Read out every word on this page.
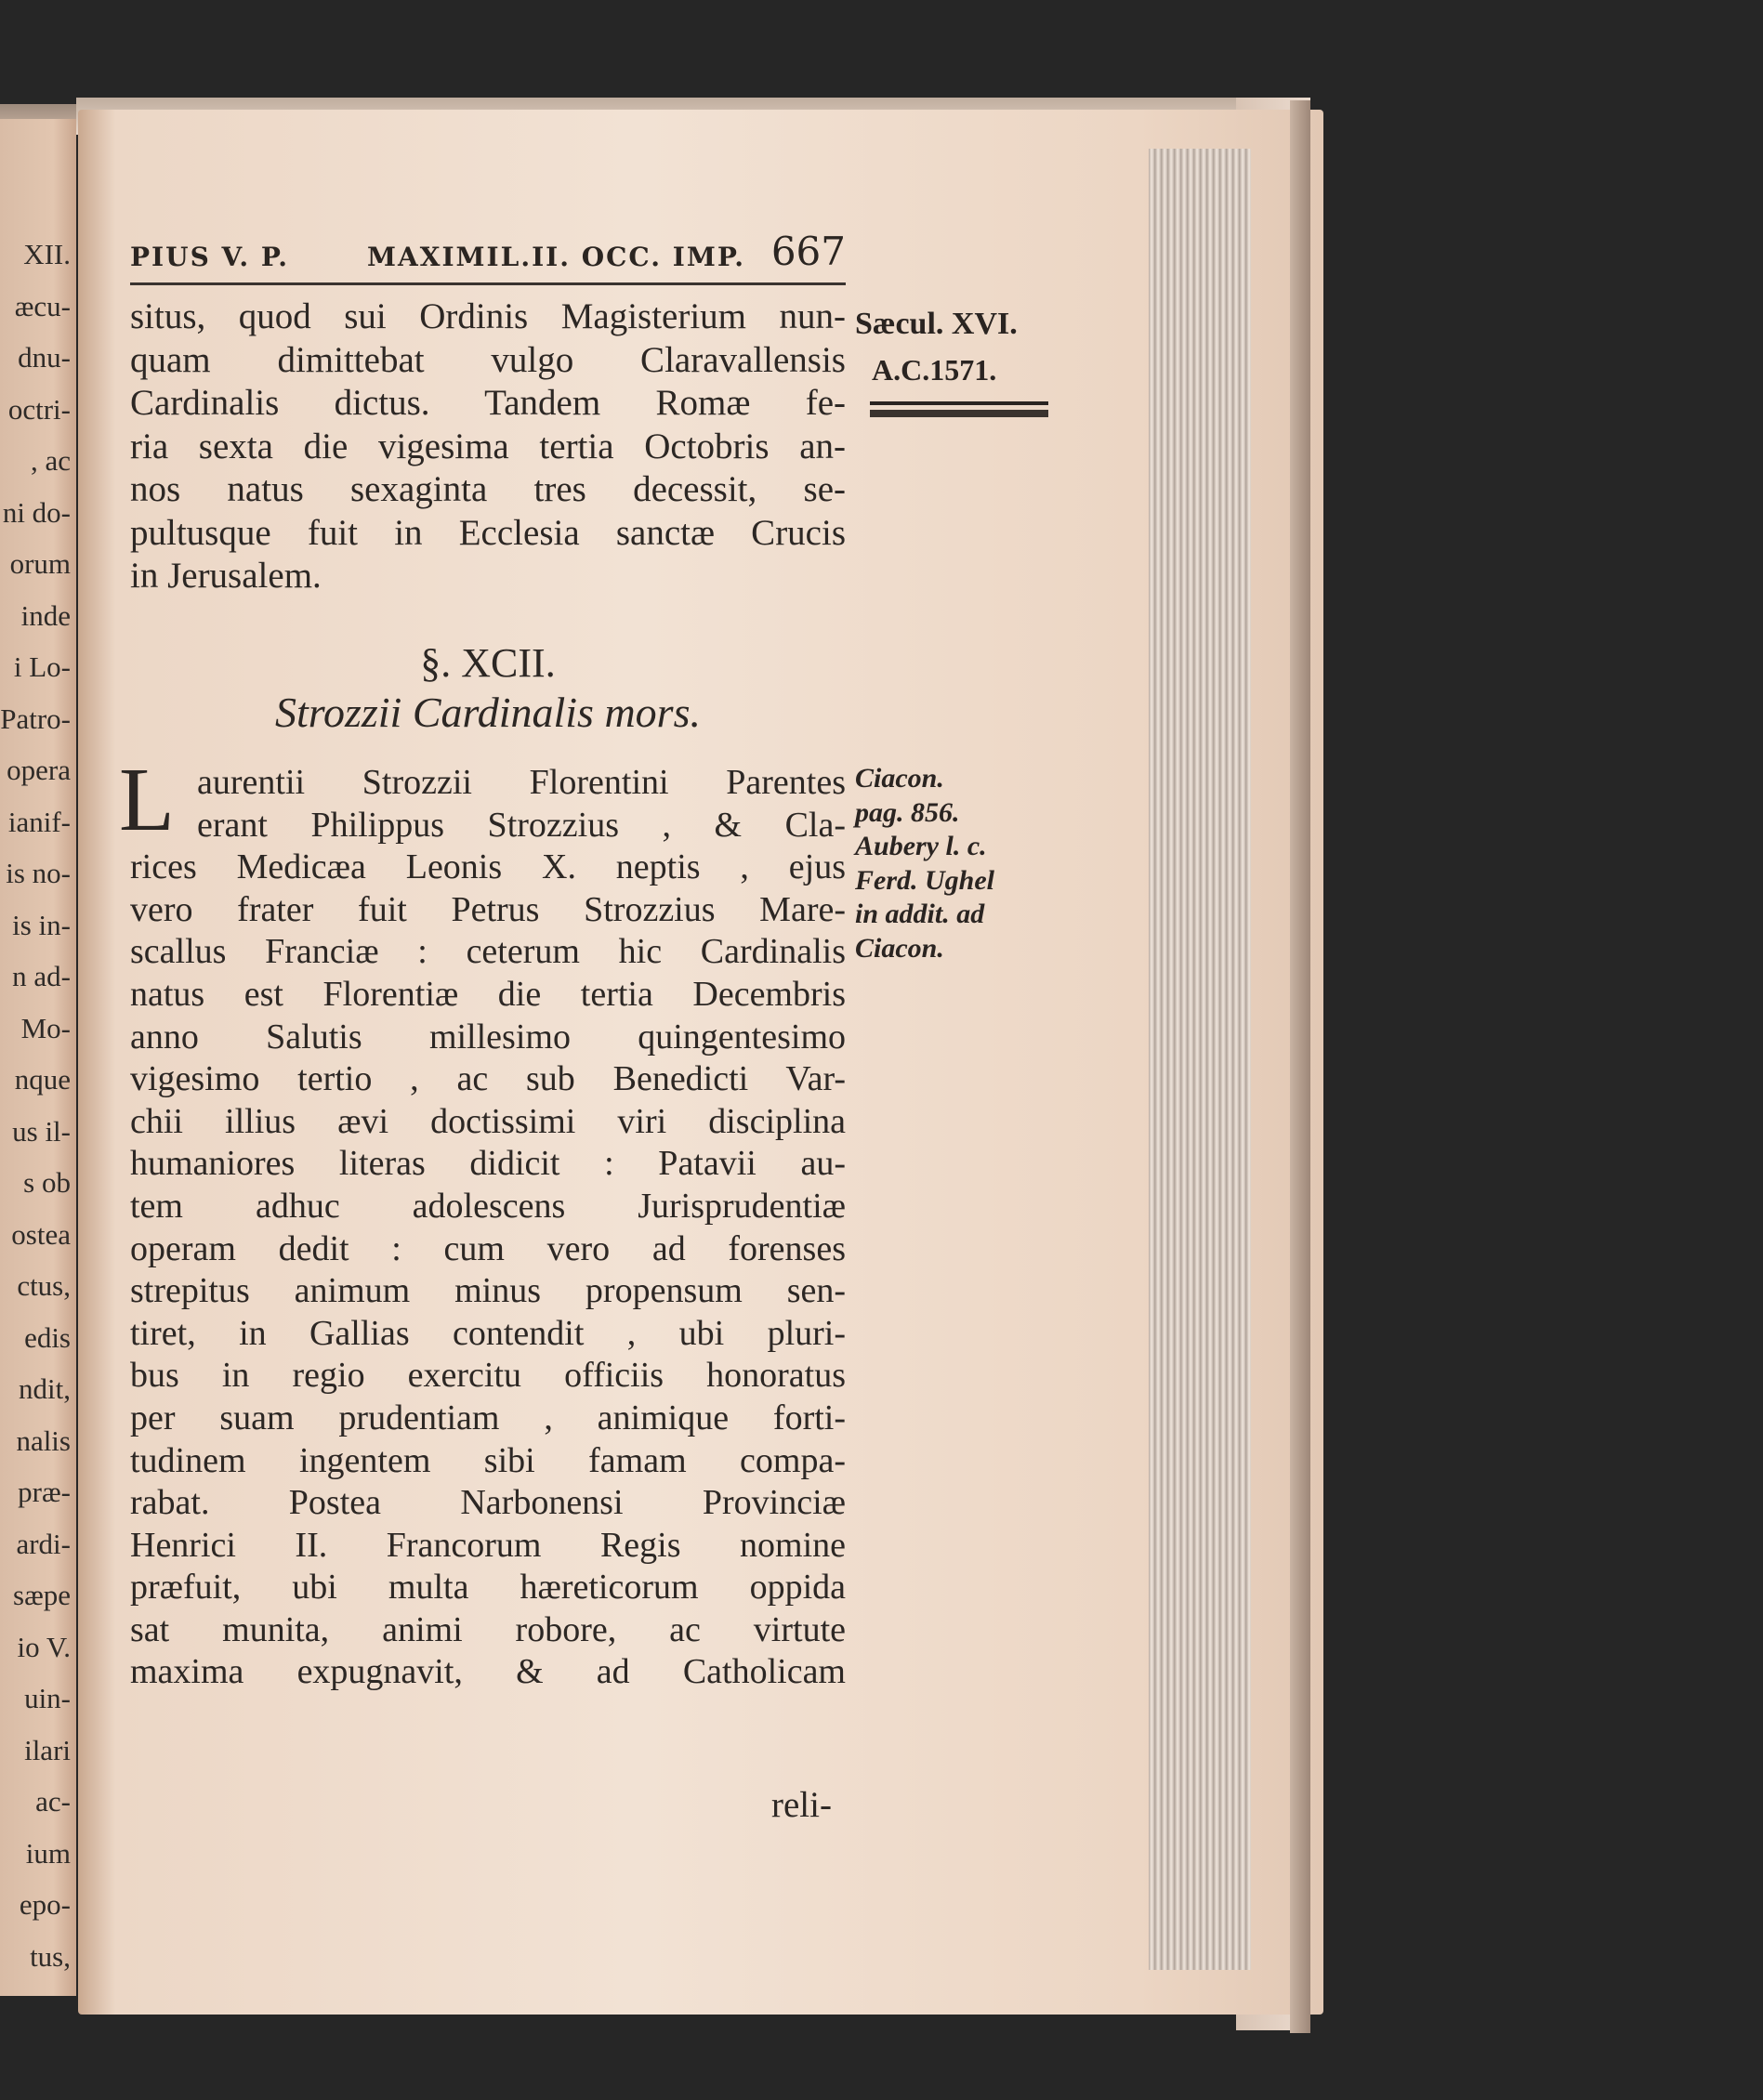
XII.
æcu-
dnu-
octri-
, ac
ni do-
orum
inde
i Lo-
Patro-
opera
ianif-
is no-
is in-
n ad-
Mo-
nque
us il-
s ob
ostea
ctus,
edis
ndit,
nalis
præ-
ardi-
sæpe
io V.
uin-
ilari
ac-
ium
epo-
tus,
PIUS V. P.	MAXIMIL.II. OCC. IMP. 667
Sæcul. XVI.
A.C.1571.
situs, quod sui Ordinis Magisterium nun-
quam dimittebat vulgo Claravallensis
Cardinalis dictus. Tandem Romæ fe-
ria sexta die vigesima tertia Octobris an-
nos natus sexaginta tres decessit, se-
pultusque fuit in Ecclesia sanctæ Crucis
in Jerusalem.
§. XCII.
Strozzii Cardinalis mors.
L aurentii Strozzii Florentini Parentes
erant Philippus Strozzius , & Cla-
rices Medicæa Leonis X. neptis , ejus
vero frater fuit Petrus Strozzius Mare-
scallus Franciæ : ceterum hic Cardinalis
natus est Florentiæ die tertia Decembris
anno Salutis millesimo quingentesimo
vigesimo tertio , ac sub Benedicti Var-
chii illius ævi doctissimi viri disciplina
humaniores literas didicit : Patavii au-
tem adhuc adolescens Jurisprudentiæ
operam dedit : cum vero ad forenses
strepitus animum minus propensum sen-
tiret, in Gallias contendit , ubi pluri-
bus in regio exercitu officiis honoratus
per suam prudentiam , animique forti-
tudinem ingentem sibi famam compa-
rabat. Postea Narbonensi Provinciæ
Henrici II. Francorum Regis nomine
præfuit, ubi multa hæreticorum oppida
sat munita, animi robore, ac virtute
maxima expugnavit, & ad Catholicam
Ciacon.
pag. 856.
Aubery l. c.
Ferd. Ughel
in addit. ad
Ciacon.
reli-
